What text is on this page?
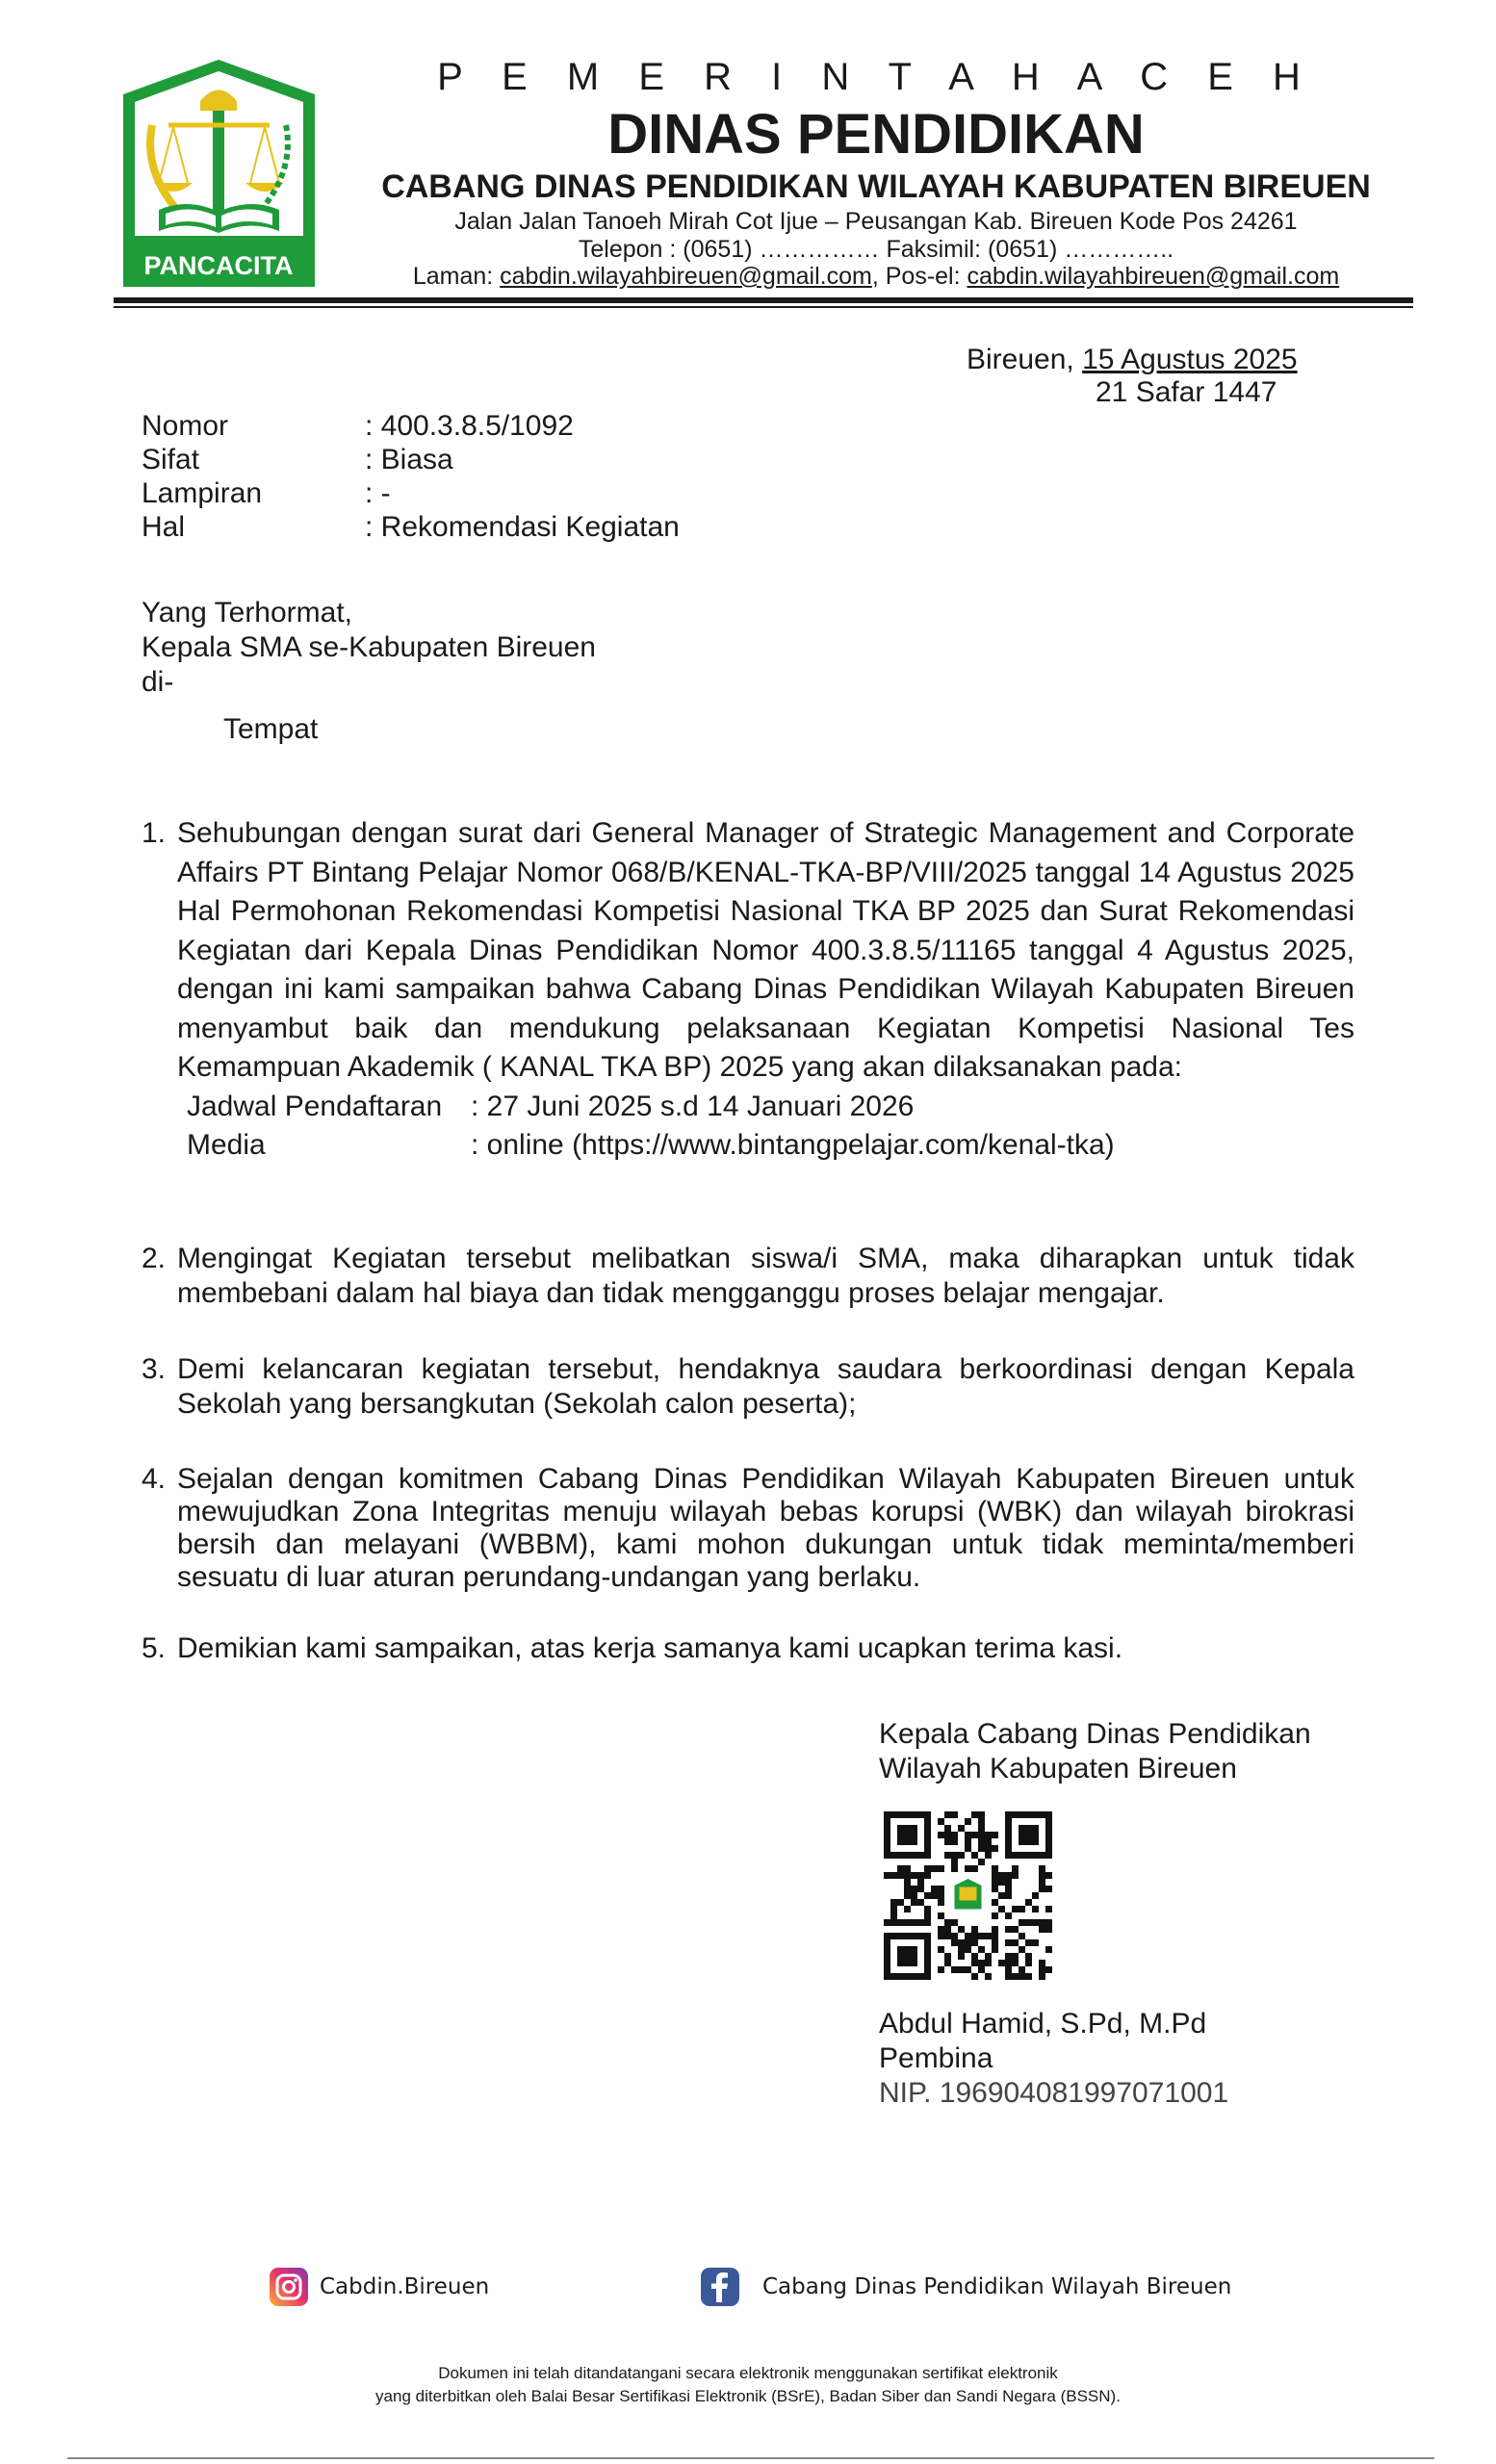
PANCACITA
P E M E R I N T A H A C E H
DINAS PENDIDIKAN
CABANG DINAS PENDIDIKAN WILAYAH KABUPATEN BIREUEN
Jalan Jalan Tanoeh Mirah Cot Ijue – Peusangan Kab. Bireuen Kode Pos 24261
Telepon : (0651) …………… Faksimil: (0651) …………..
Laman: cabdin.wilayahbireuen@gmail.com, Pos-el: cabdin.wilayahbireuen@gmail.com
Bireuen, 15 Agustus 2025
21 Safar 1447
Nomor	: 400.3.8.5/1092
Sifat	: Biasa
Lampiran	: -
Hal	: Rekomendasi Kegiatan
Yang Terhormat,
Kepala SMA se-Kabupaten Bireuen
di-
Tempat
1. Sehubungan dengan surat dari General Manager of Strategic Management and Corporate Affairs PT Bintang Pelajar Nomor 068/B/KENAL-TKA-BP/VIII/2025 tanggal 14 Agustus 2025 Hal Permohonan Rekomendasi Kompetisi Nasional TKA BP 2025 dan Surat Rekomendasi Kegiatan dari Kepala Dinas Pendidikan Nomor 400.3.8.5/11165 tanggal 4 Agustus 2025, dengan ini kami sampaikan bahwa Cabang Dinas Pendidikan Wilayah Kabupaten Bireuen menyambut baik dan mendukung pelaksanaan Kegiatan Kompetisi Nasional Tes Kemampuan Akademik ( KANAL TKA BP) 2025 yang akan dilaksanakan pada:
Jadwal Pendaftaran : 27 Juni 2025 s.d 14 Januari 2026
Media	: online (https://www.bintangpelajar.com/kenal-tka)
2. Mengingat Kegiatan tersebut melibatkan siswa/i SMA, maka diharapkan untuk tidak membebani dalam hal biaya dan tidak mengganggu proses belajar mengajar.
3. Demi kelancaran kegiatan tersebut, hendaknya saudara berkoordinasi dengan Kepala Sekolah yang bersangkutan (Sekolah calon peserta);
4. Sejalan dengan komitmen Cabang Dinas Pendidikan Wilayah Kabupaten Bireuen untuk mewujudkan Zona Integritas menuju wilayah bebas korupsi (WBK) dan wilayah birokrasi bersih dan melayani (WBBM), kami mohon dukungan untuk tidak meminta/memberi sesuatu di luar aturan perundang-undangan yang berlaku.
5. Demikian kami sampaikan, atas kerja samanya kami ucapkan terima kasi.
Kepala Cabang Dinas Pendidikan
Wilayah Kabupaten Bireuen
Abdul Hamid, S.Pd, M.Pd
Pembina
NIP. 196904081997071001
Cabdin.Bireuen	Cabang Dinas Pendidikan Wilayah Bireuen
Dokumen ini telah ditandatangani secara elektronik menggunakan sertifikat elektronik
yang diterbitkan oleh Balai Besar Sertifikasi Elektronik (BSrE), Badan Siber dan Sandi Negara (BSSN).
